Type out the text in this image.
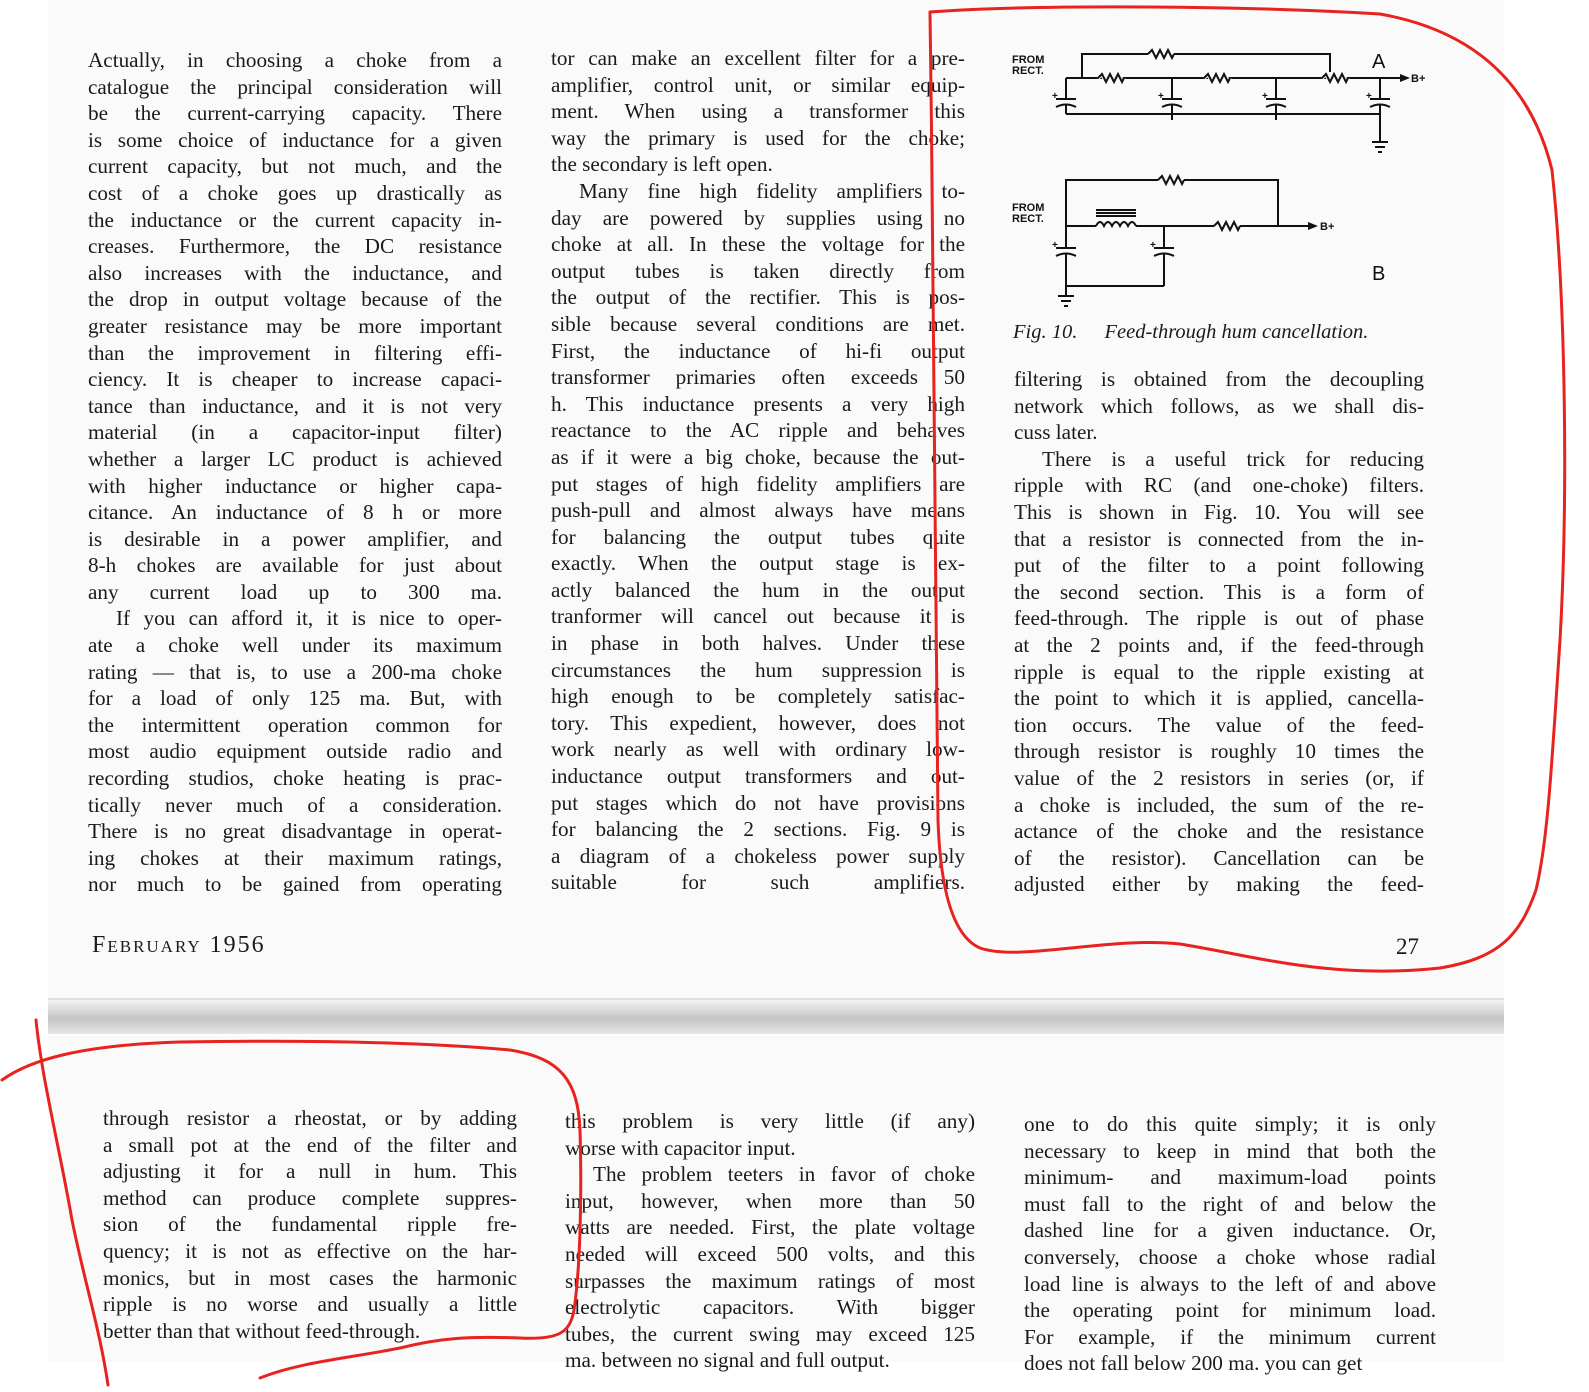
Actually, in choosing a choke from a

catalogue the principal consideration will

be the current-carrying capacity. There

is some choice of inductance for a given

current capacity, but not much, and the

cost of a choke goes up drastically as

the inductance or the current capacity in-

creases. Furthermore, the DC resistance

also increases with the inductance, and

the drop in output voltage because of the

greater resistance may be more important

than the improvement in filtering effi-

ciency. It is cheaper to increase capaci-

tance than inductance, and it is not very

material (in a capacitor-input filter)

whether a larger LC product is achieved

with higher inductance or higher capa-

citance. An inductance of 8 h or more

is desirable in a power amplifier, and

8-h chokes are available for just about

any current load up to 300 ma.

If you can afford it, it is nice to oper-

ate a choke well under its maximum

rating — that is, to use a 200-ma choke

for a load of only 125 ma. But, with

the intermittent operation common for

most audio equipment outside radio and

recording studios, choke heating is prac-

tically never much of a consideration.

There is no great disadvantage in operat-

ing chokes at their maximum ratings,

nor much to be gained from operating

tor can make an excellent filter for a pre-

amplifier, control unit, or similar equip-

ment. When using a transformer this

way the primary is used for the choke;

the secondary is left open.

Many fine high fidelity amplifiers to-

day are powered by supplies using no

choke at all. In these the voltage for the

output tubes is taken directly from

the output of the rectifier. This is pos-

sible because several conditions are met.

First, the inductance of hi-fi output

transformer primaries often exceeds 50

h. This inductance presents a very high

reactance to the AC ripple and behaves

as if it were a big choke, because the out-

put stages of high fidelity amplifiers are

push-pull and almost always have means

for balancing the output tubes quite

exactly. When the output stage is ex-

actly balanced the hum in the output

tranformer will cancel out because it is

in phase in both halves. Under these

circumstances the hum suppression is

high enough to be completely satisfac-

tory. This expedient, however, does not

work nearly as well with ordinary low-

inductance output transformers and out-

put stages which do not have provisions

for balancing the 2 sections. Fig. 9 is

a diagram of a chokeless power supply

suitable for such amplifiers.

filtering is obtained from the decoupling

network which follows, as we shall dis-

cuss later.

There is a useful trick for reducing

ripple with RC (and one-choke) filters.

This is shown in Fig. 10. You will see

that a resistor is connected from the in-

put of the filter to a point following

the second section. This is a form of

feed-through. The ripple is out of phase

at the 2 points and, if the feed-through

ripple is equal to the ripple existing at

the point to which it is applied, cancella-

tion occurs. The value of the feed-

through resistor is roughly 10 times the

value of the 2 resistors in series (or, if

a choke is included, the sum of the re-

actance of the choke and the resistance

of the resistor). Cancellation can be

adjusted either by making the feed-

February 1956	27
FROM
RECT.
FROM
RECT.
B+
B+
+	+	+	+
+	+
A
B
Fig. 10. Feed-through hum cancellation.

through resistor a rheostat, or by adding

a small pot at the end of the filter and

adjusting it for a null in hum. This

method can produce complete suppres-

sion of the fundamental ripple fre-

quency; it is not as effective on the har-

monics, but in most cases the harmonic

ripple is no worse and usually a little

better than that without feed-through.

this problem is very little (if any)

worse with capacitor input.

The problem teeters in favor of choke

input, however, when more than 50

watts are needed. First, the plate voltage

needed will exceed 500 volts, and this

surpasses the maximum ratings of most

electrolytic capacitors. With bigger

tubes, the current swing may exceed 125

ma. between no signal and full output.

one to do this quite simply; it is only

necessary to keep in mind that both the

minimum- and maximum-load points

must fall to the right of and below the

dashed line for a given inductance. Or,

conversely, choose a choke whose radial

load line is always to the left of and above

the operating point for minimum load.

For example, if the minimum current

does not fall below 200 ma. you can get
